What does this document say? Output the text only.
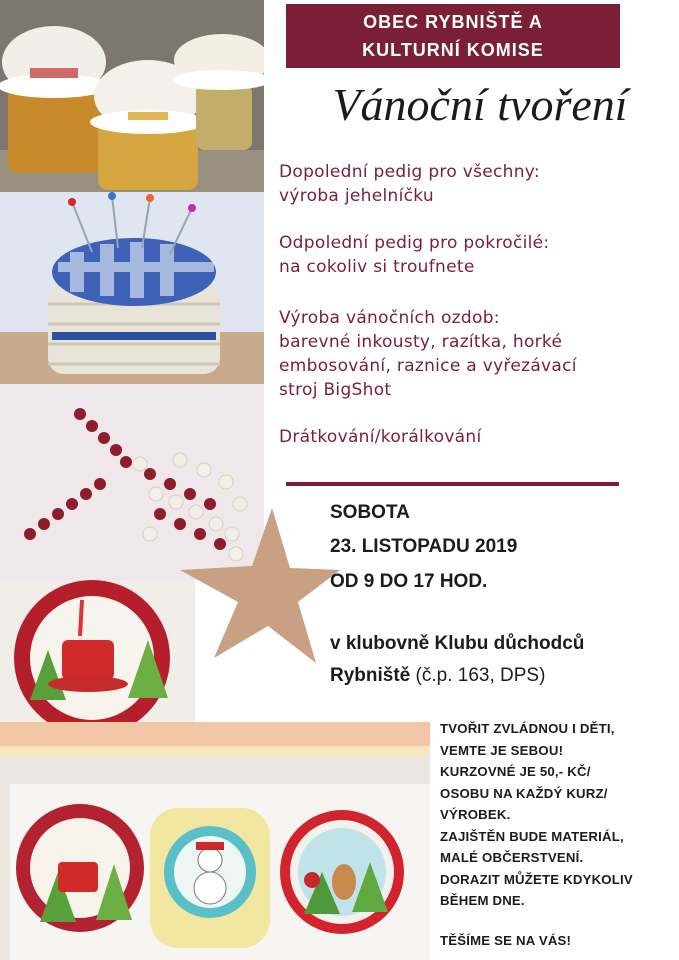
OBEC RYBNIŠTĚ A
KULTURNÍ KOMISE
Vánoční tvoření
Dopolední pedig pro všechny:
výroba jehelníčku
Odpolední pedig pro pokročilé:
na cokoliv si troufnete
Výroba vánočních ozdob:
barevné inkousty, razítka, horké
embosování, raznice a vyřezávací
stroj BigShot
Drátkování/korálkování
SOBOTA
23. LISTOPADU 2019
OD 9 DO 17 HOD.
v klubovně Klubu důchodců
Rybniště (č.p. 163, DPS)
TVOŘIT ZVLÁDNOU I DĚTI,
VEMTE JE SEBOU!
KURZOVNÉ JE 50,- KČ/
OSOBU NA KAŽDÝ KURZ/
VÝROBEK.
ZAJIŠTĚN BUDE MATERIÁL,
MALÉ OBČERSTVENÍ.
DORAZIT MŮŽETE KDYKOLIV
BĚHEM DNE.
TĚŠÍME SE NA VÁS!
